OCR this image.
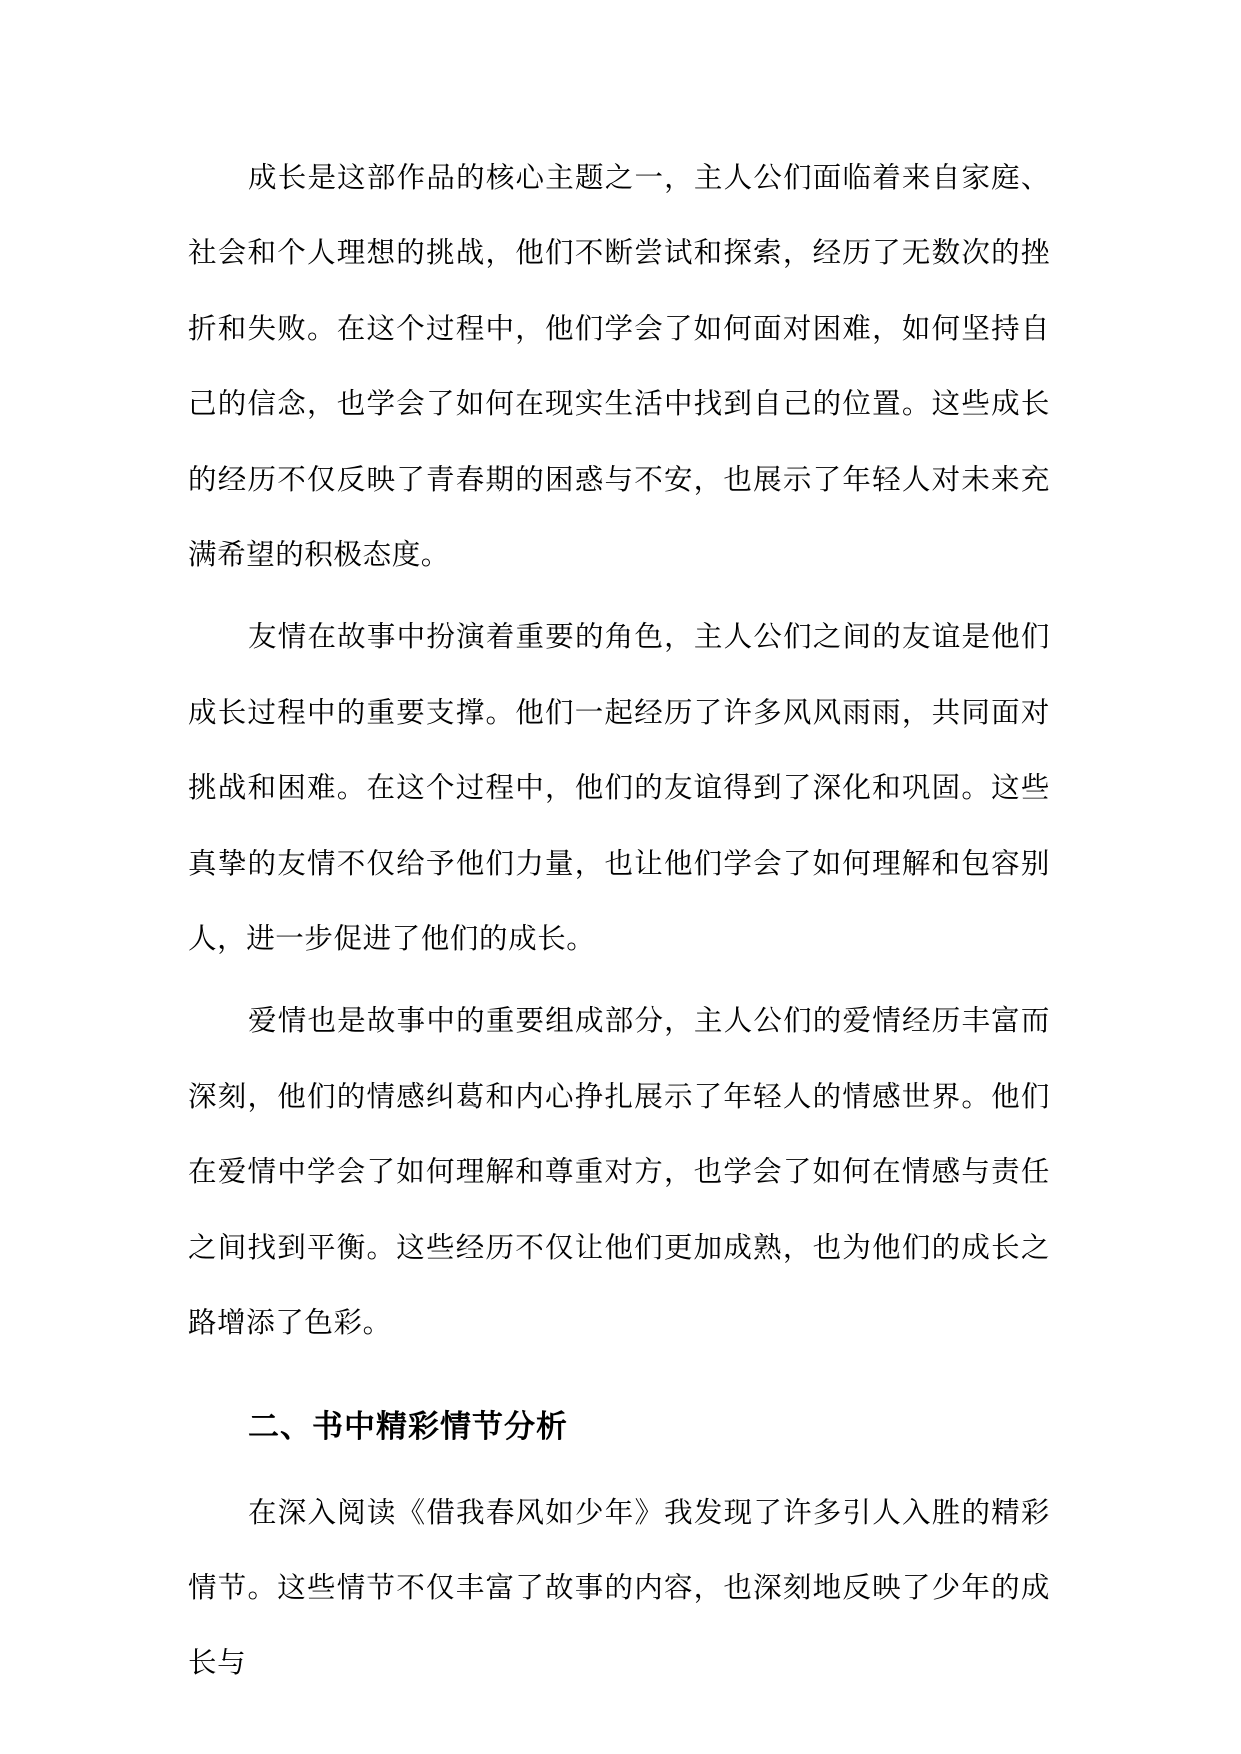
成长是这部作品的核心主题之一，主人公们面临着来自家庭、社会和个人理想的挑战，他们不断尝试和探索，经历了无数次的挫折和失败。在这个过程中，他们学会了如何面对困难，如何坚持自己的信念，也学会了如何在现实生活中找到自己的位置。这些成长的经历不仅反映了青春期的困惑与不安，也展示了年轻人对未来充满希望的积极态度。

友情在故事中扮演着重要的角色，主人公们之间的友谊是他们成长过程中的重要支撑。他们一起经历了许多风风雨雨，共同面对挑战和困难。在这个过程中，他们的友谊得到了深化和巩固。这些真挚的友情不仅给予他们力量，也让他们学会了如何理解和包容别人，进一步促进了他们的成长。

爱情也是故事中的重要组成部分，主人公们的爱情经历丰富而深刻，他们的情感纠葛和内心挣扎展示了年轻人的情感世界。他们在爱情中学会了如何理解和尊重对方，也学会了如何在情感与责任之间找到平衡。这些经历不仅让他们更加成熟，也为他们的成长之路增添了色彩。

二、书中精彩情节分析

在深入阅读《借我春风如少年》我发现了许多引人入胜的精彩情节。这些情节不仅丰富了故事的内容，也深刻地反映了少年的成长与
